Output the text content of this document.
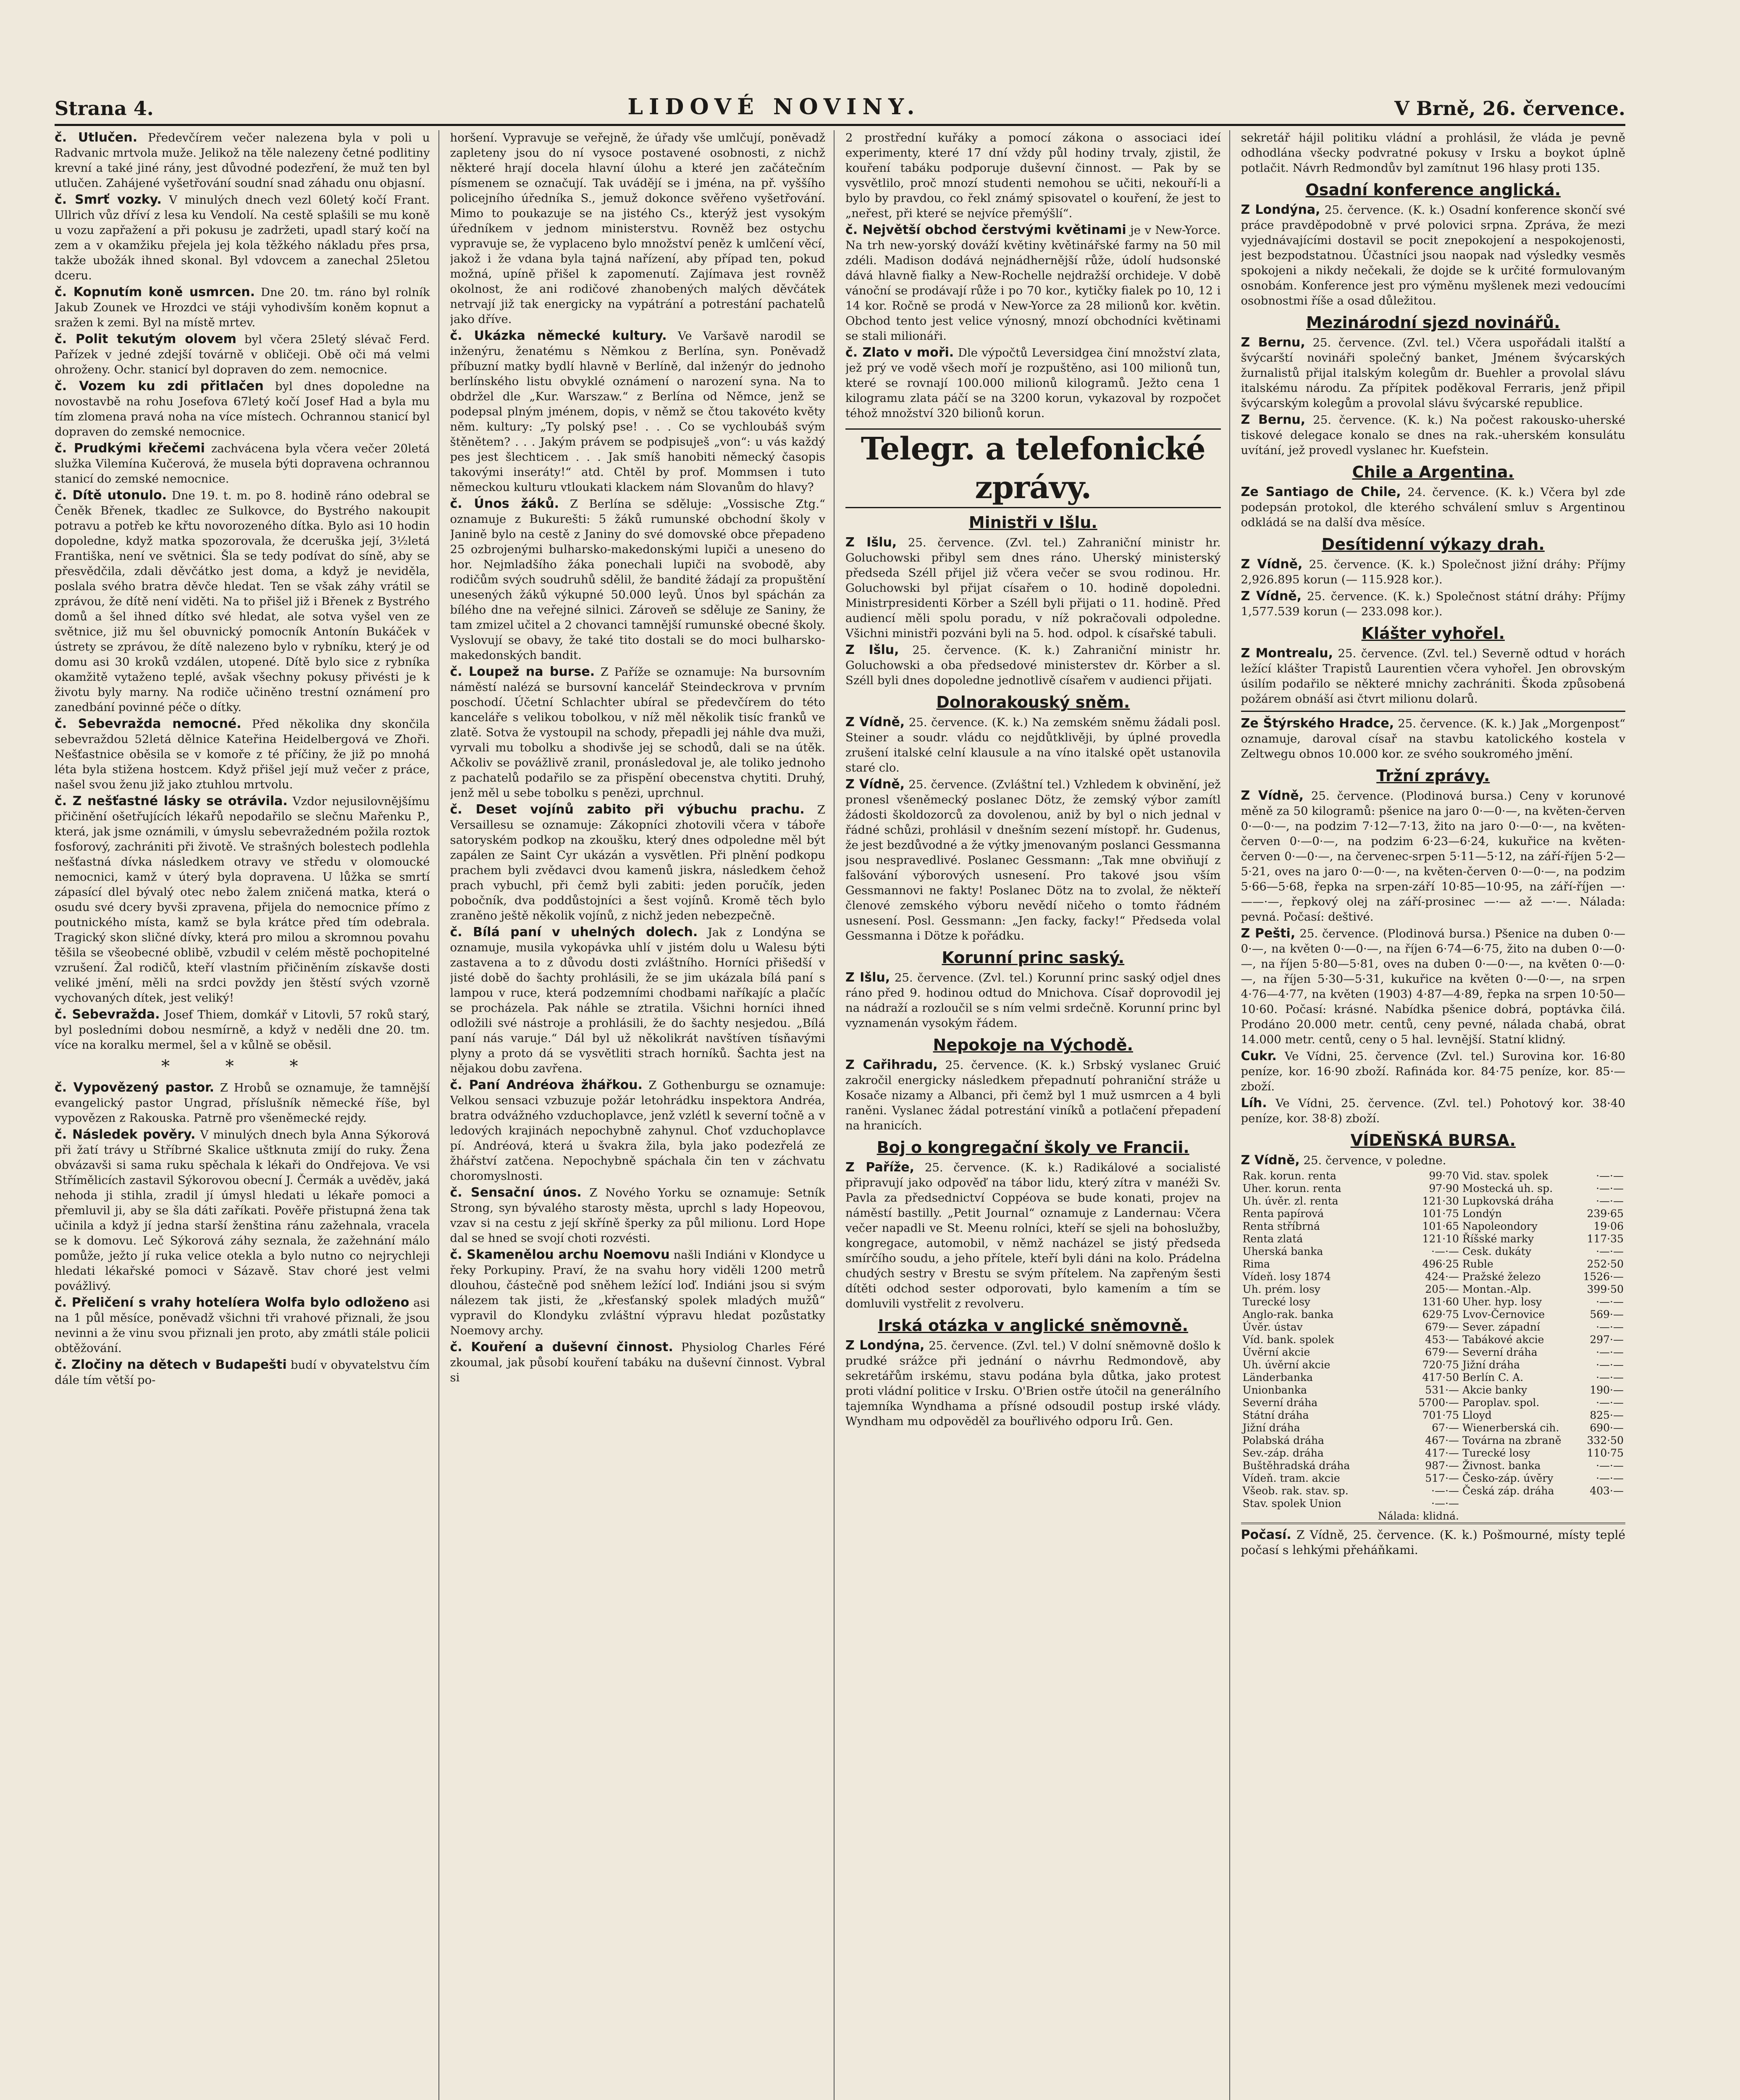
Strana 4.	LIDOVÉ NOVINY.	V Brně, 26. července.

č. Utlučen. Předevčírem večer nalezena byla v poli u Radvanic mrtvola muže. Jelikož na těle nalezeny četné podlitiny krevní a také jiné rány, jest důvodné podezření, že muž ten byl utlučen. Zahájené vyšetřování soudní snad záhadu onu objasní.

č. Smrť vozky. V minulých dnech vezl 60letý kočí Frant. Ullrich vůz dříví z lesa ku Vendolí. Na cestě splašili se mu koně u vozu zapřažení a při pokusu je zadržeti, upadl starý kočí na zem a v okamžiku přejela jej kola těžkého nákladu přes prsa, takže ubožák ihned skonal. Byl vdovcem a zanechal 25letou dceru.

č. Kopnutím koně usmrcen. Dne 20. tm. ráno byl rolník Jakub Zounek ve Hrozdci ve stáji vyhodivším koněm kopnut a sražen k zemi. Byl na místě mrtev.

č. Polit tekutým olovem byl včera 25letý slévač Ferd. Pařízek v jedné zdejší továrně v obličeji. Obě oči má velmi ohroženy. Ochr. stanicí byl dopraven do zem. nemocnice.

č. Vozem ku zdi přitlačen byl dnes dopoledne na novostavbě na rohu Josefova 67letý kočí Josef Had a byla mu tím zlomena pravá noha na více místech. Ochrannou stanicí byl dopraven do zemské nemocnice.

č. Prudkými křečemi zachvácena byla včera večer 20letá služka Vilemína Kučerová, že musela býti dopravena ochrannou stanicí do zemské nemocnice.

č. Dítě utonulo. Dne 19. t. m. po 8. hodině ráno odebral se Čeněk Břenek, tkadlec ze Sulkovce, do Bystrého nakoupit potravu a potřeb ke křtu novorozeného dítka. Bylo asi 10 hodin dopoledne, když matka spozorovala, že dceruška její, 3½letá Františka, není ve světnici. Šla se tedy podívat do síně, aby se přesvědčila, zdali děvčátko jest doma, a když je neviděla, poslala svého bratra děvče hledat. Ten se však záhy vrátil se zprávou, že dítě není viděti. Na to přišel již i Břenek z Bystrého domů a šel ihned dítko své hledat, ale sotva vyšel ven ze světnice, již mu šel obuvnický pomocník Antonín Bukáček v ústrety se zprávou, že dítě nalezeno bylo v rybníku, který je od domu asi 30 kroků vzdálen, utopené. Dítě bylo sice z rybníka okamžitě vytaženo teplé, avšak všechny pokusy přivésti je k životu byly marny. Na rodiče učiněno trestní oznámení pro zanedbání povinné péče o dítky.

č. Sebevražda nemocné. Před několika dny skončila sebevraždou 52letá dělnice Kateřina Heidelbergová ve Zhoři. Nešťastnice oběsila se v komoře z té příčiny, že již po mnohá léta byla stižena hostcem. Když přišel její muž večer z práce, našel svou ženu již jako ztuhlou mrtvolu.

č. Z nešťastné lásky se otrávila. Vzdor nejusilovnějšímu přičinění ošetřujících lékařů nepodařilo se slečnu Mařenku P., která, jak jsme oznámili, v úmyslu sebevražedném požila roztok fosforový, zachrániti při životě. Ve strašných bolestech podlehla nešťastná dívka následkem otravy ve středu v olomoucké nemocnici, kamž v úterý byla dopravena. U lůžka se smrtí zápasící dlel bývalý otec nebo žalem zničená matka, která o osudu své dcery byvši zpravena, přijela do nemocnice přímo z poutnického místa, kamž se byla krátce před tím odebrala. Tragický skon sličné dívky, která pro milou a skromnou povahu těšila se všeobecné oblibě, vzbudil v celém městě pochopitelné vzrušení. Žal rodičů, kteří vlastním přičiněním získavše dosti veliké jmění, měli na srdci povždy jen štěstí svých vzorně vychovaných dítek, jest veliký!

č. Sebevražda. Josef Thiem, domkář v Litovli, 57 roků starý, byl posledními dobou nesmírně, a když v neděli dne 20. tm. více na koralku mermel, šel a v kůlně se oběsil.

* * *

č. Vypovězený pastor. Z Hrobů se oznamuje, že tamnější evangelický pastor Ungrad, příslušník německé říše, byl vypovězen z Rakouska. Patrně pro všeněmecké rejdy.

č. Následek pověry. V minulých dnech byla Anna Sýkorová při žatí trávy u Stříbrné Skalice uštknuta zmijí do ruky. Žena obvázavši si sama ruku spěchala k lékaři do Ondřejova. Ve vsi Střímělicích zastavil Sýkorovou obecní J. Čermák a uvěděv, jaká nehoda ji stihla, zradil jí úmysl hledati u lékaře pomoci a přemluvil ji, aby se šla dáti zaříkati. Pověře přistupná žena tak učinila a když jí jedna starší ženština ránu zažehnala, vracela se k domovu. Leč Sýkorová záhy seznala, že zažehnání málo pomůže, ježto jí ruka velice otekla a bylo nutno co nejrychleji hledati lékařské pomoci v Sázavě. Stav choré jest velmi povážlivý.

č. Přeličení s vrahy hotelíera Wolfa bylo odloženo asi na 1 půl měsíce, poněvadž všichni tři vrahové přiznali, že jsou nevinni a že vinu svou přiznali jen proto, aby zmátli stále policii obtěžování.

č. Zločiny na dětech v Budapešti budí v obyvatelstvu čím dále tím větší po-

horšení. Vypravuje se veřejně, že úřady vše umlčují, poněvadž zapleteny jsou do ní vysoce postavené osobnosti, z nichž některé hrají docela hlavní úlohu a které jen začátečním písmenem se označují. Tak uvádějí se i jména, na př. vyššího policejního úředníka S., jemuž dokonce svěřeno vyšetřování. Mimo to poukazuje se na jistého Cs., kterýž jest vysokým úředníkem v jednom ministerstvu. Rovněž bez ostychu vypravuje se, že vyplaceno bylo množství peněz k umlčení věcí, jakož i že vdana byla tajná nařízení, aby případ ten, pokud možná, upíně přišel k zapomenutí. Zajímava jest rovněž okolnost, že ani rodičové zhanobených malých děvčátek netrvají již tak energicky na vypátrání a potrestání pachatelů jako dříve.

č. Ukázka německé kultury. Ve Varšavě narodil se inženýru, ženatému s Němkou z Berlína, syn. Poněvadž příbuzní matky bydlí hlavně v Berlíně, dal inženýr do jednoho berlínského listu obvyklé oznámení o narození syna. Na to obdržel dle „Kur. Warszaw.“ z Berlína od Němce, jenž se podepsal plným jménem, dopis, v němž se čtou takovéto květy něm. kultury: „Ty polský pse! . . . Co se vychloubáš svým štěnětem? . . . Jakým právem se podpisuješ „von“: u vás každý pes jest šlechticem . . . Jak smíš hanobiti německý časopis takovými inseráty!“ atd. Chtěl by prof. Mommsen i tuto německou kulturu vtloukati klackem nám Slovanům do hlavy?

č. Únos žáků. Z Berlína se sděluje: „Vossische Ztg.“ oznamuje z Bukurešti: 5 žáků rumunské obchodní školy v Janině bylo na cestě z Janiny do své domovské obce přepadeno 25 ozbrojenými bulharsko-makedonskými lupiči a uneseno do hor. Nejmladšího žáka ponechali lupiči na svobodě, aby rodičům svých soudruhů sdělil, že bandité žádají za propuštění unesených žáků výkupné 50.000 leyů. Únos byl spáchán za bílého dne na veřejné silnici. Zároveň se sděluje ze Saniny, že tam zmizel učitel a 2 chovanci tamnější rumunské obecné školy. Vyslovují se obavy, že také tito dostali se do moci bulharsko-makedonských bandit.

č. Loupež na burse. Z Paříže se oznamuje: Na bursovním náměstí nalézá se bursovní kancelář Steindeckrova v prvním poschodí. Účetní Schlachter ubíral se předevčírem do této kanceláře s velikou tobolkou, v níž měl několik tisíc franků ve zlatě. Sotva že vystoupil na schody, přepadli jej náhle dva muži, vyrvali mu tobolku a shodivše jej se schodů, dali se na útěk. Ačkoliv se povážlivě zranil, pronásledoval je, ale toliko jednoho z pachatelů podařilo se za přispění obecenstva chytiti. Druhý, jenž měl u sebe tobolku s penězi, uprchnul.

č. Deset vojínů zabito při výbuchu prachu. Z Versaillesu se oznamuje: Zákopníci zhotovili včera v táboře satoryském podkop na zkoušku, který dnes odpoledne měl být zapálen ze Saint Cyr ukázán a vysvětlen. Při plnění podkopu prachem byli zvědavci dvou kamenů jiskra, následkem čehož prach vybuchl, při čemž byli zabiti: jeden poručík, jeden pobočník, dva poddůstojníci a šest vojínů. Kromě těch bylo zraněno ještě několik vojínů, z nichž jeden nebezpečně.

č. Bílá paní v uhelných dolech. Jak z Londýna se oznamuje, musila vykopávka uhlí v jistém dolu u Walesu býti zastavena a to z důvodu dosti zvláštního. Horníci přišedší v jisté době do šachty prohlásili, že se jim ukázala bílá paní s lampou v ruce, která podzemními chodbami naříkajíc a plačíc se procházela. Pak náhle se ztratila. Všichni horníci ihned odložili své nástroje a prohlásili, že do šachty nesjedou. „Bílá paní nás varuje.“ Dál byl už několikrát navštíven tísňavými plyny a proto dá se vysvětliti strach horníků. Šachta jest na nějakou dobu zavřena.

č. Paní Andréova žhářkou. Z Gothenburgu se oznamuje: Velkou sensaci vzbuzuje požár letohrádku inspektora Andréa, bratra odvážného vzduchoplavce, jenž vzlétl k severní točně a v ledových krajinách nepochybně zahynul. Choť vzduchoplavce pí. Andréová, která u švakra žila, byla jako podezřelá ze žhářství zatčena. Nepochybně spáchala čin ten v záchvatu choromyslnosti.

č. Sensační únos. Z Nového Yorku se oznamuje: Setník Strong, syn bývalého starosty města, uprchl s lady Hopeovou, vzav si na cestu z její skříně šperky za půl milionu. Lord Hope dal se hned se svojí choti rozvésti.

č. Skamenělou archu Noemovu našli Indiáni v Klondyce u řeky Porkupiny. Praví, že na svahu hory viděli 1200 metrů dlouhou, částečně pod sněhem ležící loď. Indiáni jsou si svým nálezem tak jisti, že „křesťanský spolek mladých mužů“ vypravil do Klondyku zvláštní výpravu hledat pozůstatky Noemovy archy.

č. Kouření a duševní činnost. Physiolog Charles Féré zkoumal, jak působí kouření tabáku na duševní činnost. Vybral si

2 prostřední kuřáky a pomocí zákona o associaci ideí experimenty, které 17 dní vždy půl hodiny trvaly, zjistil, že kouření tabáku podporuje duševní činnost. — Pak by se vysvětlilo, proč mnozí studenti nemohou se učiti, nekouří-li a bylo by pravdou, co řekl známý spisovatel o kouření, že jest to „neřest, při které se nejvíce přemýšlí“.

č. Největší obchod čerstvými květinami je v New-Yorce. Na trh new-yorský dováží květiny květinářské farmy na 50 mil zdéli. Madison dodává nejnádhernější růže, údolí hudsonské dává hlavně fialky a New-Rochelle nejdražší orchideje. V době vánoční se prodávají růže i po 70 kor., kytičky fialek po 10, 12 i 14 kor. Ročně se prodá v New-Yorce za 28 milionů kor. květin. Obchod tento jest velice výnosný, mnozí obchodníci květinami se stali milionáři.

č. Zlato v moři. Dle výpočtů Leversidgea činí množství zlata, jež prý ve vodě všech moří je rozpuštěno, asi 100 milionů tun, které se rovnají 100.000 milionů kilogramů. Ježto cena 1 kilogramu zlata páčí se na 3200 korun, vykazoval by rozpočet téhož množství 320 bilionů korun.

Telegr. a telefonické zprávy.
Ministři v Išlu.

Z Išlu, 25. července. (Zvl. tel.) Zahraniční ministr hr. Goluchowski přibyl sem dnes ráno. Uherský ministerský předseda Széll přijel již včera večer se svou rodinou. Hr. Goluchowski byl přijat císařem o 10. hodině dopoledni. Ministrpresidenti Körber a Széll byli přijati o 11. hodině. Před audiencí měli spolu poradu, v níž pokračovali odpoledne. Všichni ministři pozváni byli na 5. hod. odpol. k císařské tabuli.

Z Išlu, 25. července. (K. k.) Zahraniční ministr hr. Goluchowski a oba předsedové ministerstev dr. Körber a sl. Széll byli dnes dopoledne jednotlivě císařem v audienci přijati.

Dolnorakouský sněm.

Z Vídně, 25. července. (K. k.) Na zemském sněmu žádali posl. Steiner a soudr. vládu co nejdůtklivěji, by úplné provedla zrušení italské celní klausule a na víno italské opět ustanovila staré clo.

Z Vídně, 25. července. (Zvláštní tel.) Vzhledem k obvinění, jež pronesl všeněmecký poslanec Dötz, že zemský výbor zamítl žádosti školdozorců za dovolenou, aniž by byl o nich jednal v řádné schůzi, prohlásil v dnešním sezení místopř. hr. Gudenus, že jest bezdůvodné a že výtky jmenovaným poslanci Gessmanna jsou nespravedlivé. Poslanec Gessmann: „Tak mne obviňují z falšování výborových usnesení. Pro takové jsou vším Gessmannovi ne fakty! Poslanec Dötz na to zvolal, že někteří členové zemského výboru nevědí ničeho o tomto řádném usnesení. Posl. Gessmann: „Jen facky, facky!“ Předseda volal Gessmanna i Dötze k pořádku.

Korunní princ saský.

Z Išlu, 25. července. (Zvl. tel.) Korunní princ saský odjel dnes ráno před 9. hodinou odtud do Mnichova. Císař doprovodil jej na nádraží a rozloučil se s ním velmi srdečně. Korunní princ byl vyznamenán vysokým řádem.

Nepokoje na Východě.

Z Cařihradu, 25. července. (K. k.) Srbský vyslanec Gruić zakročil energicky následkem přepadnutí pohraniční stráže u Kosače nizamy a Albanci, při čemž byl 1 muž usmrcen a 4 byli raněni. Vyslanec žádal potrestání viníků a potlačení přepadení na hranicích.

Boj o kongregační školy ve Francii.

Z Paříže, 25. července. (K. k.) Radikálové a socialisté připravují jako odpověď na tábor lidu, který zítra v manéži Sv. Pavla za předsednictví Coppéova se bude konati, projev na náměstí bastilly. „Petit Journal“ oznamuje z Landernau: Včera večer napadli ve St. Meenu rolníci, kteří se sjeli na bohoslužby, kongregace, automobil, v němž nacházel se jistý předseda smírčího soudu, a jeho přítele, kteří byli dáni na kolo. Prádelna chudých sestry v Brestu se svým přítelem. Na zapřeným šesti dítěti odchod sester odporovati, bylo kamením a tím se domluvili vystřelit z revolveru.

Irská otázka v anglické sněmovně.

Z Londýna, 25. července. (Zvl. tel.) V dolní sněmovně došlo k prudké srážce při jednání o návrhu Redmondově, aby sekretářům irskému, stavu podána byla důtka, jako protest proti vládní politice v Irsku. O'Brien ostře útočil na generálního tajemníka Wyndhama a přísné odsoudil postup irské vlády. Wyndham mu odpověděl za bouřlivého odporu Irů. Gen.

sekretář hájil politiku vládní a prohlásil, že vláda je pevně odhodlána všecky podvratné pokusy v Irsku a boykot úplně potlačit. Návrh Redmondův byl zamítnut 196 hlasy proti 135.

Osadní konference anglická.

Z Londýna, 25. července. (K. k.) Osadní konference skončí své práce pravděpodobně v prvé polovici srpna. Zpráva, že mezi vyjednávajícími dostavil se pocit znepokojení a nespokojenosti, jest bezpodstatnou. Účastníci jsou naopak nad výsledky vesměs spokojeni a nikdy nečekali, že dojde se k určité formulovaným osnobám. Konference jest pro výměnu myšlenek mezi vedoucími osobnostmi říše a osad důležitou.

Mezinárodní sjezd novinářů.

Z Bernu, 25. července. (Zvl. tel.) Včera uspořádali italští a švýcarští novináři společný banket, Jménem švýcarských žurnalistů přijal italským kolegům dr. Buehler a provolal slávu italskému národu. Za přípitek poděkoval Ferraris, jenž připil švýcarským kolegům a provolal slávu švýcarské republice.

Z Bernu, 25. července. (K. k.) Na počest rakousko-uherské tiskové delegace konalo se dnes na rak.-uherském konsulátu uvítání, jež provedl vyslanec hr. Kuefstein.

Chile a Argentina.

Ze Santiago de Chile, 24. července. (K. k.) Včera byl zde podepsán protokol, dle kterého schválení smluv s Argentinou odkládá se na další dva měsíce.

Desítidenní výkazy drah.

Z Vídně, 25. července. (K. k.) Společnost jižní dráhy: Příjmy 2,926.895 korun (— 115.928 kor.).

Z Vídně, 25. července. (K. k.) Společnost státní dráhy: Příjmy 1,577.539 korun (— 233.098 kor.).

Klášter vyhořel.

Z Montrealu, 25. července. (Zvl. tel.) Severně odtud v horách ležící klášter Trapistů Laurentien včera vyhořel. Jen obrovským úsilím podařilo se některé mnichy zachrániti. Škoda způsobená požárem obnáší asi čtvrt milionu dolarů.

Ze Štýrského Hradce, 25. července. (K. k.) Jak „Morgenpost“ oznamuje, daroval císař na stavbu katolického kostela v Zeltwegu obnos 10.000 kor. ze svého soukromého jmění.

Tržní zprávy.

Z Vídně, 25. července. (Plodinová bursa.) Ceny v korunové měně za 50 kilogramů: pšenice na jaro 0·—0·—, na květen-červen 0·—0·—, na podzim 7·12—7·13, žito na jaro 0·—0·—, na květen-červen 0·—0·—, na podzim 6·23—6·24, kukuřice na květen-červen 0·—0·—, na červenec-srpen 5·11—5·12, na září-říjen 5·2—5·21, oves na jaro 0·—0·—, na květen-červen 0·—0·—, na podzim 5·66—5·68, řepka na srpen-září 10·85—10·95, na září-říjen —·——·—, řepkový olej na září-prosinec —·— až —·—. Nálada: pevná. Počasí: deštivé.

Z Pešti, 25. července. (Plodinová bursa.) Pšenice na duben 0·—0·—, na květen 0·—0·—, na říjen 6·74—6·75, žito na duben 0·—0·—, na říjen 5·80—5·81, oves na duben 0·—0·—, na květen 0·—0·—, na říjen 5·30—5·31, kukuřice na květen 0·—0·—, na srpen 4·76—4·77, na květen (1903) 4·87—4·89, řepka na srpen 10·50—10·60. Počasí: krásné. Nabídka pšenice dobrá, poptávka čilá. Prodáno 20.000 metr. centů, ceny pevné, nálada chabá, obrat 14.000 metr. centů, ceny o 5 hal. levnější. Statní klidný.

Cukr. Ve Vídni, 25. července (Zvl. tel.) Surovina kor. 16·80 peníze, kor. 16·90 zboží. Rafináda kor. 84·75 peníze, kor. 85·— zboží.

Líh. Ve Vídni, 25. července. (Zvl. tel.) Pohotový kor. 38·40 peníze, kor. 38·8) zboží.

VÍDEŇSKÁ BURSA.

Z Vídně, 25. července, v poledne.

Rak. korun. renta	99·70	Vid. stav. spolek	·—·—
Uher. korun. renta	97·90	Mostecká uh. sp.	·—·—
Uh. úvěr. zl. renta	121·30	Lupkovská dráha	·—·—
Renta papírová	101·75	Londýn	239·65
Renta stříbrná	101·65	Napoleondory	19·06
Renta zlatá	121·10	Říšské marky	117·35
Uherská banka	·—·—	Cesk. dukáty	·—·—
Rima	496·25	Ruble	252·50
Vídeň. losy 1874	424·—	Pražské železo	1526·—
Uh. prém. losy	205·—	Montan.-Alp.	399·50
Turecké losy	131·60	Uher. hyp. losy	·—·—
Anglo-rak. banka	629·75	Lvov-Černovice	569·—
Úvěr. ústav	679·—	Sever. západní	·—·—
Víd. bank. spolek	453·—	Tabákové akcie	297·—
Úvěrní akcie	679·—	Severní dráha	·—·—
Uh. úvěrní akcie	720·75	Jižní dráha	·—·—
Länderbanka	417·50	Berlín C. A.	·—·—
Unionbanka	531·—	Akcie banky	190·—
Severní dráha	5700·—	Paroplav. spol.	·—·—
Státní dráha	701·75	Lloyd	825·—
Jižní dráha	67·—	Wienerberská cih.	690·—
Polabská dráha	467·—	Továrna na zbraně	332·50
Sev.-záp. dráha	417·—	Turecké losy	110·75
Buštěhradská dráha	987·—	Živnost. banka	·—·—
Vídeň. tram. akcie	517·—	Česko-záp. úvěry	·—·—
Všeob. rak. stav. sp.	·—·—	Česká záp. dráha	403·—
Stav. spolek Union	·—·—		
	Nálada: klidná.		

Počasí. Z Vídně, 25. července. (K. k.) Pošmourné, místy teplé počasí s lehkými přeháňkami.
